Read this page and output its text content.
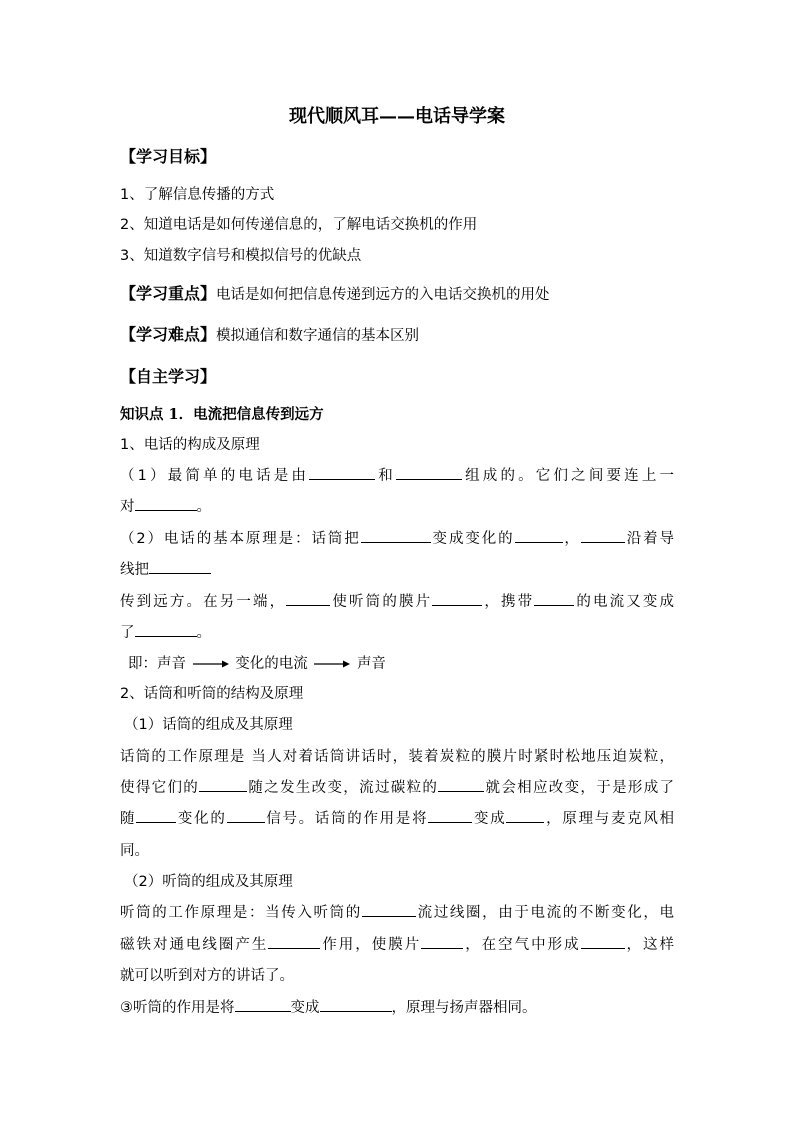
现代顺风耳——电话导学案
【学习目标】
1、了解信息传播的方式
2、知道电话是如何传递信息的，了解电话交换机的作用
3、知道数字信号和模拟信号的优缺点
【学习重点】电话是如何把信息传递到远方的入电话交换机的用处
【学习难点】模拟通信和数字通信的基本区别
【自主学习】
知识点 1．电流把信息传到远方
1、电话的构成及原理
（1）最简单的电话是由	和	组成的。它们之间要连上一
对	。
（2）电话的基本原理是：话筒把	变成变化的	，	沿着导
线把
传到远方。在另一端，	使听筒的膜片	，携带	的电流又变成
了	。
即：声音	变化的电流	声音
2、话筒和听筒的结构及原理
（1）话筒的组成及其原理
话筒的工作原理是 当人对着话筒讲话时，装着炭粒的膜片时紧时松地压迫炭粒，
使得它们的	随之发生改变，流过碳粒的	就会相应改变，于是形成了
随	变化的	信号。话筒的作用是将	变成	，原理与麦克风相
同。
（2）听筒的组成及其原理
听筒的工作原理是：当传入听筒的	流过线圈，由于电流的不断变化，电
磁铁对通电线圈产生	作用，使膜片	，在空气中形成	，这样
就可以听到对方的讲话了。
③听筒的作用是将	变成	，原理与扬声器相同。
